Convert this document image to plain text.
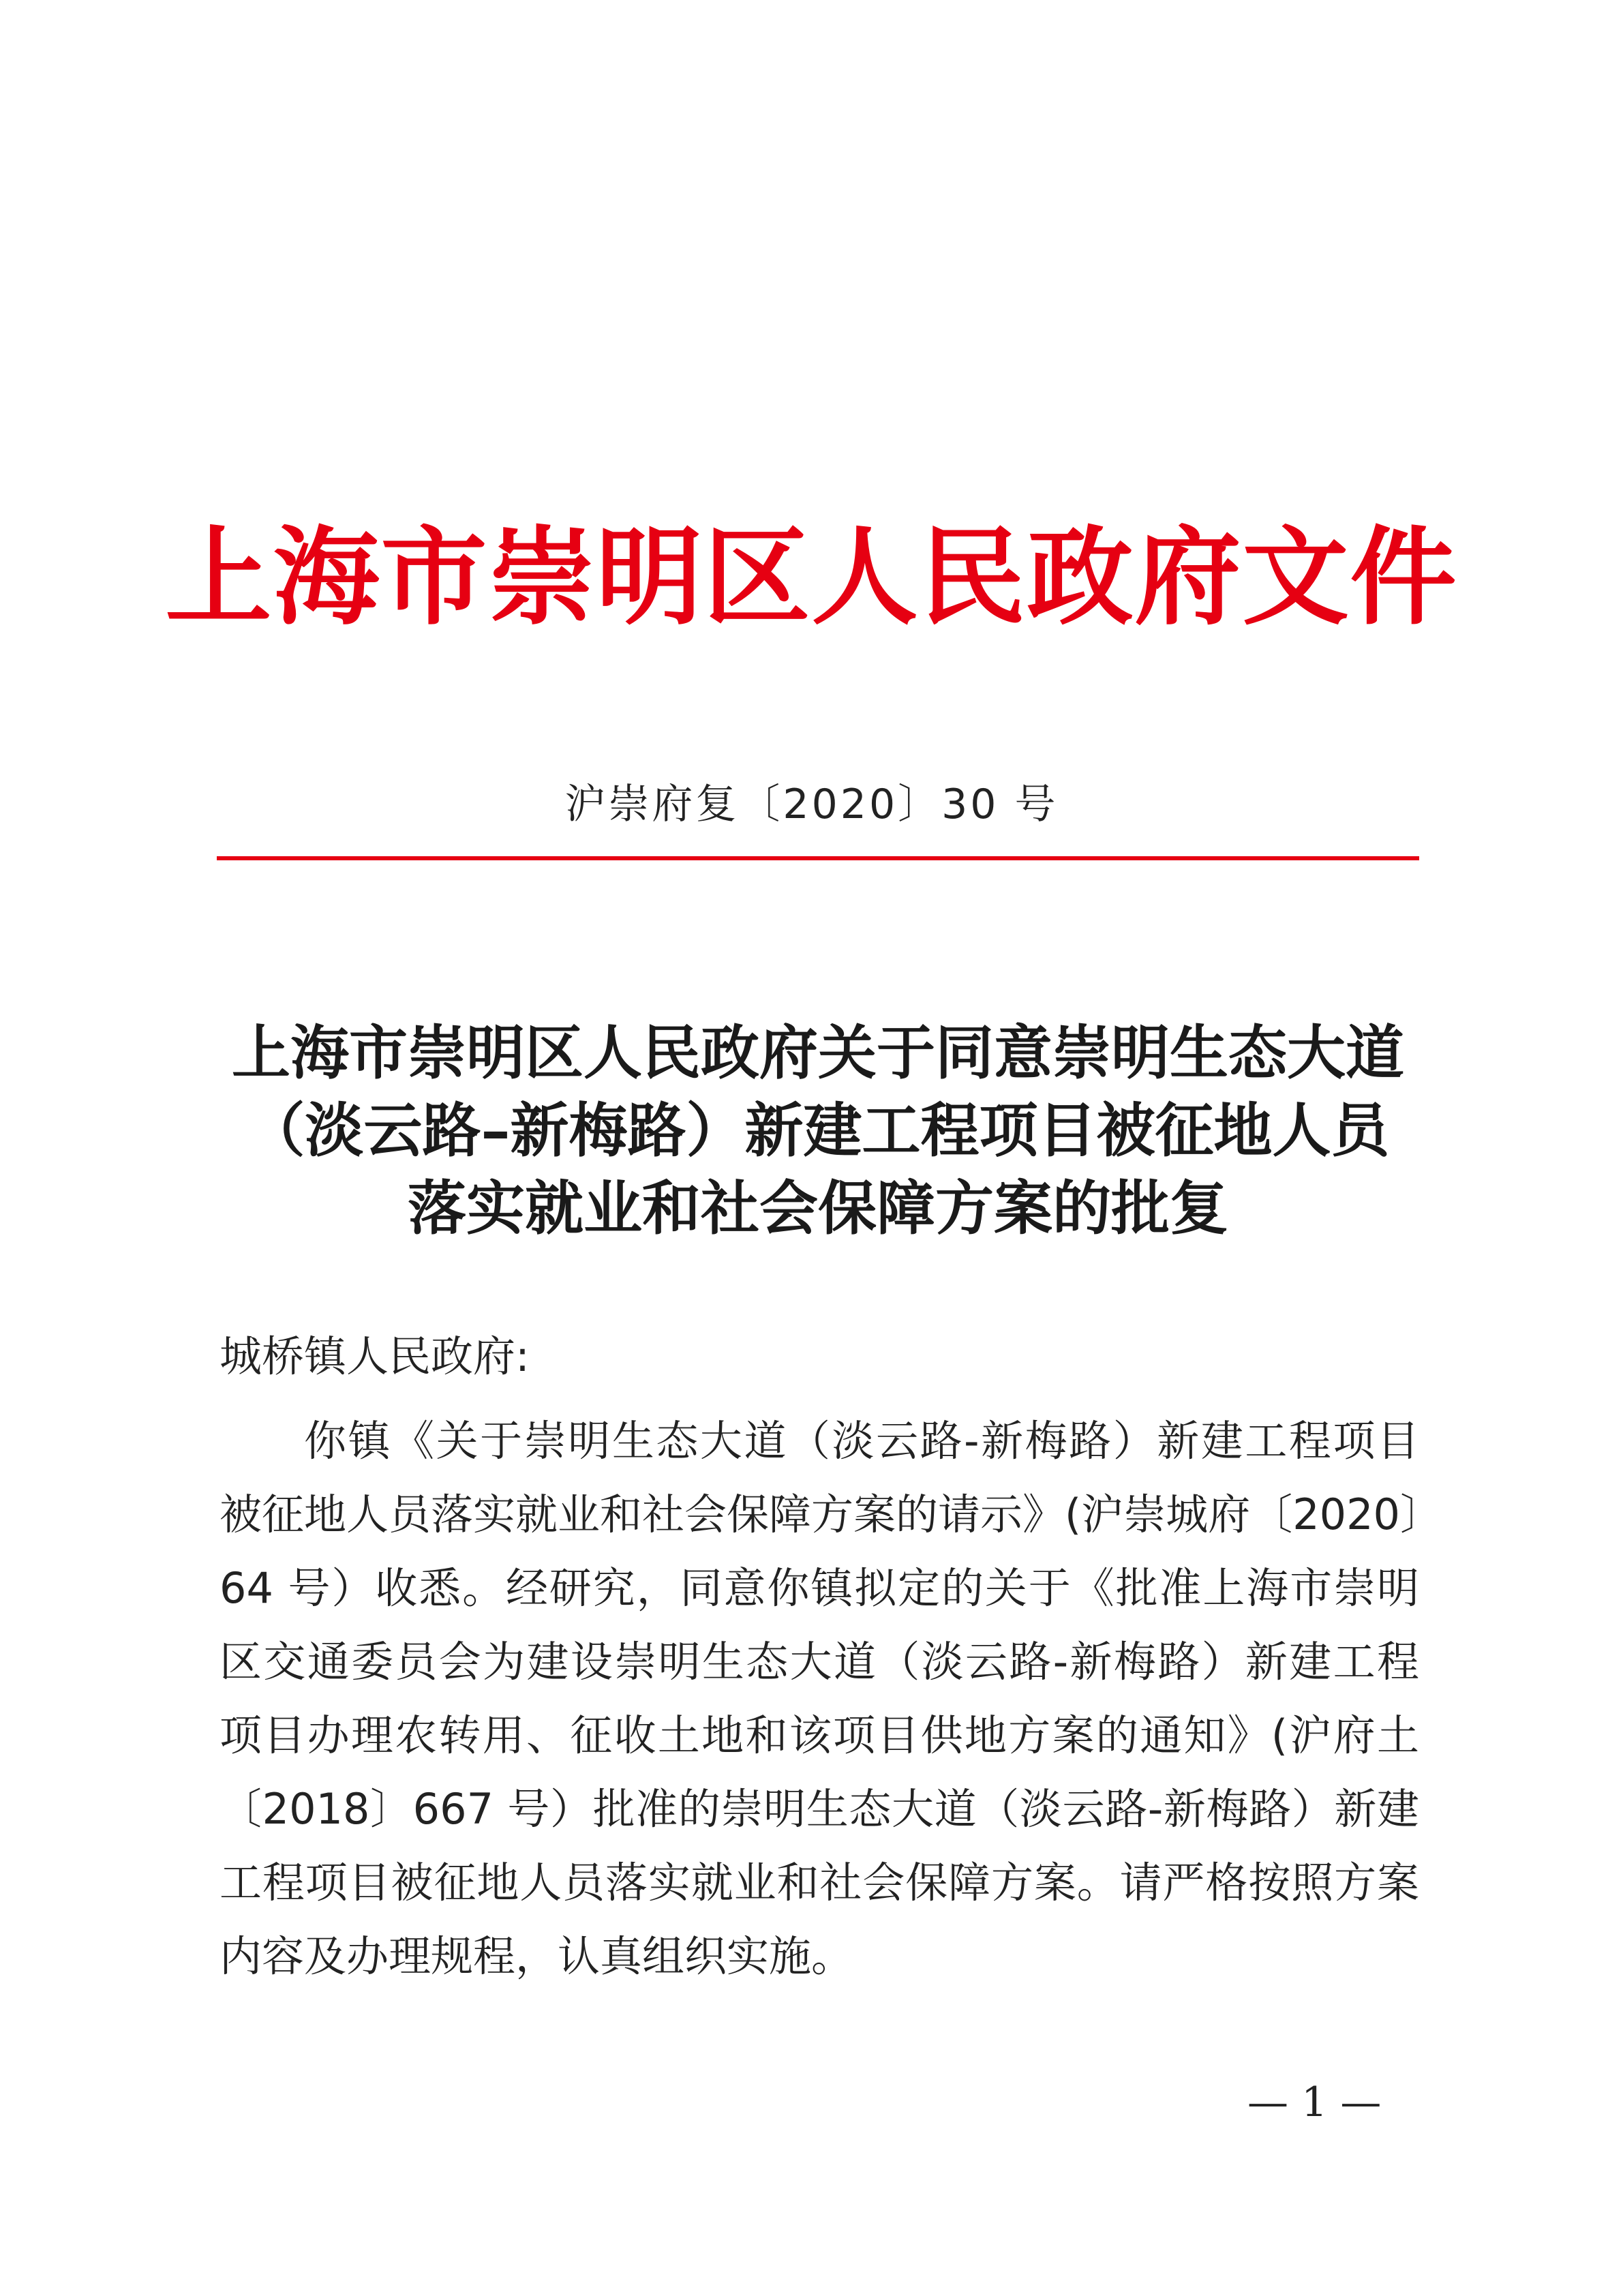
上海市崇明区人民政府文件
沪崇府复〔2020〕30 号
上海市崇明区人民政府关于同意崇明生态大道
（淡云路–新梅路）新建工程项目被征地人员
落实就业和社会保障方案的批复
城桥镇人民政府:
你镇《关于崇明生态大道（淡云路-新梅路）新建工程项目
被征地人员落实就业和社会保障方案的请示》(沪崇城府〔2020〕
64 号）收悉。经研究，同意你镇拟定的关于《批准上海市崇明
区交通委员会为建设崇明生态大道（淡云路-新梅路）新建工程
项目办理农转用、征收土地和该项目供地方案的通知》(沪府土
〔2018〕667 号）批准的崇明生态大道（淡云路-新梅路）新建
工程项目被征地人员落实就业和社会保障方案。请严格按照方案
内容及办理规程，认真组织实施。
— 1 —
